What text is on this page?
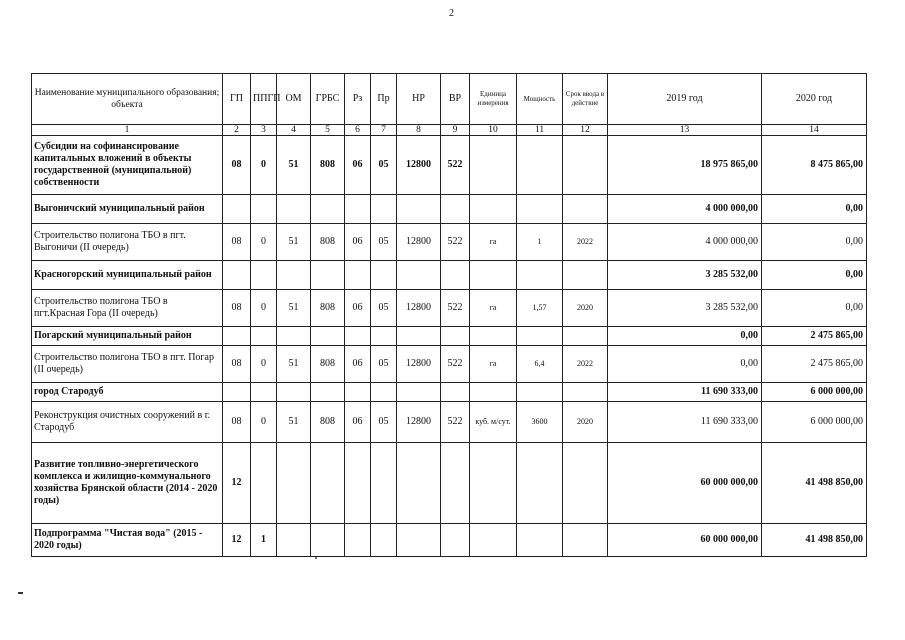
2
Наименование муниципального образования; объекта	ГП	ППГП	ОМ	ГРБС	Рз	Пр	НР	ВР	Единица измерения	Мощность	Срок ввода в действие	2019 год	2020 год
1	2	3	4	5	6	7	8	9	10	11	12	13	14
Субсидии на софинансирование капитальных вложений в объекты государственной (муниципальной) собственности	08	0	51	808	06	05	12800	522				18 975 865,00	8 475 865,00
Выгоничский муниципальный район												4 000 000,00	0,00
Строительство полигона ТБО в пгт. Выгоничи (II очередь)	08	0	51	808	06	05	12800	522	га	1	2022	4 000 000,00	0,00
Красногорский муниципальный район												3 285 532,00	0,00
Строительство полигона ТБО в пгт.Красная Гора (II очередь)	08	0	51	808	06	05	12800	522	га	1,57	2020	3 285 532,00	0,00
Погарский муниципальный район												0,00	2 475 865,00
Строительство полигона ТБО в пгт. Погар (II очередь)	08	0	51	808	06	05	12800	522	га	6,4	2022	0,00	2 475 865,00
город Стародуб												11 690 333,00	6 000 000,00
Реконструкция очистных сооружений в г. Стародуб	08	0	51	808	06	05	12800	522	куб. м/сут.	3600	2020	11 690 333,00	6 000 000,00
Развитие топливно-энергетического комплекса и жилищно-коммунального хозяйства Брянской области (2014 - 2020 годы)	12											60 000 000,00	41 498 850,00
Подпрограмма "Чистая вода" (2015 - 2020 годы)	12	1										60 000 000,00	41 498 850,00
